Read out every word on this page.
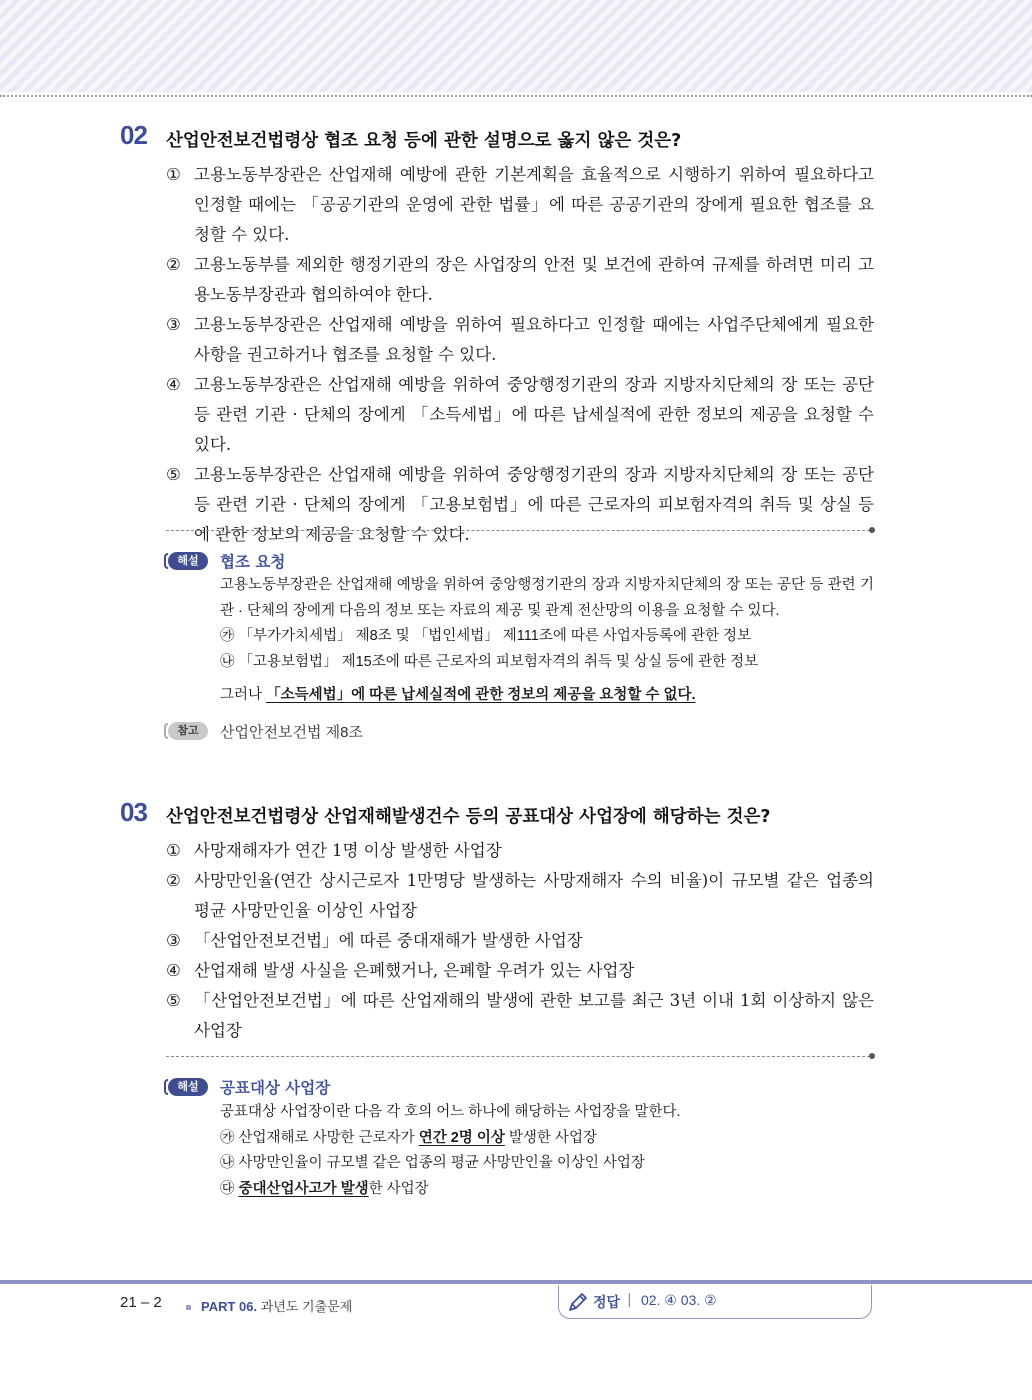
02 산업안전보건법령상 협조 요청 등에 관한 설명으로 옳지 않은 것은?
① 고용노동부장관은 산업재해 예방에 관한 기본계획을 효율적으로 시행하기 위하여 필요하다고 인정할 때에는 「공공기관의 운영에 관한 법률」에 따른 공공기관의 장에게 필요한 협조를 요청할 수 있다.
② 고용노동부를 제외한 행정기관의 장은 사업장의 안전 및 보건에 관하여 규제를 하려면 미리 고용노동부장관과 협의하여야 한다.
③ 고용노동부장관은 산업재해 예방을 위하여 필요하다고 인정할 때에는 사업주단체에게 필요한 사항을 권고하거나 협조를 요청할 수 있다.
④ 고용노동부장관은 산업재해 예방을 위하여 중앙행정기관의 장과 지방자치단체의 장 또는 공단 등 관련 기관 · 단체의 장에게 「소득세법」에 따른 납세실적에 관한 정보의 제공을 요청할 수 있다.
⑤ 고용노동부장관은 산업재해 예방을 위하여 중앙행정기관의 장과 지방자치단체의 장 또는 공단 등 관련 기관 · 단체의 장에게 「고용보험법」에 따른 근로자의 피보험자격의 취득 및 상실 등에 관한 정보의 제공을 요청할 수 있다.
해설	협조 요청

고용노동부장관은 산업재해 예방을 위하여 중앙행정기관의 장과 지방자치단체의 장 또는 공단 등 관련 기관 · 단체의 장에게 다음의 정보 또는 자료의 제공 및 관계 전산망의 이용을 요청할 수 있다.

㉮ 「부가가치세법」 제8조 및 「법인세법」 제111조에 따른 사업자등록에 관한 정보

㉯ 「고용보험법」 제15조에 따른 근로자의 피보험자격의 취득 및 상실 등에 관한 정보

그러나 「소득세법」에 따른 납세실적에 관한 정보의 제공을 요청할 수 없다.

참고	산업안전보건법 제8조
03 산업안전보건법령상 산업재해발생건수 등의 공표대상 사업장에 해당하는 것은?
① 사망재해자가 연간 1명 이상 발생한 사업장
② 사망만인율(연간 상시근로자 1만명당 발생하는 사망재해자 수의 비율)이 규모별 같은 업종의 평균 사망만인율 이상인 사업장
③ 「산업안전보건법」에 따른 중대재해가 발생한 사업장
④ 산업재해 발생 사실을 은폐했거나, 은폐할 우려가 있는 사업장
⑤ 「산업안전보건법」에 따른 산업재해의 발생에 관한 보고를 최근 3년 이내 1회 이상하지 않은 사업장
해설	공표대상 사업장

공표대상 사업장이란 다음 각 호의 어느 하나에 해당하는 사업장을 말한다.

㉮ 산업재해로 사망한 근로자가 연간 2명 이상 발생한 사업장

㉯ 사망만인율이 규모별 같은 업종의 평균 사망만인율 이상인 사업장

㉰ 중대산업사고가 발생한 사업장

21 – 2	PART 06. 과년도 기출문제	정답 | 02. ④ 03. ②
